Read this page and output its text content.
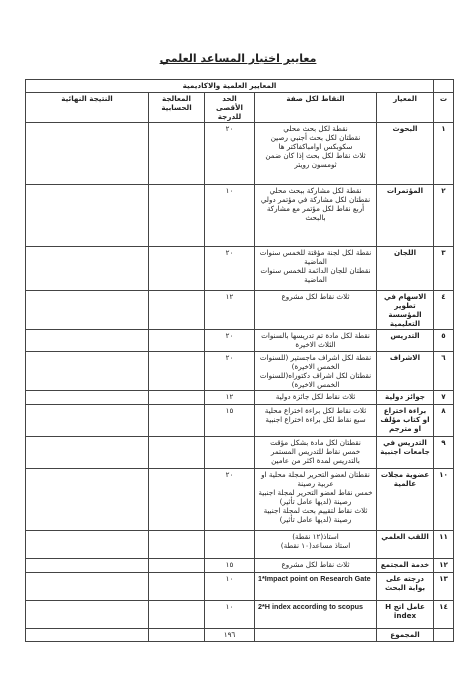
معايير اختيار المساعد العلمي
	المعايير العلمية والاكاديمية				
ت	المعيار	النقاط لكل صفة	الحد الأقصى للدرجة	المعالجة الحسابية	النتيجة النهائية
١	البحوث	نقطة لكل بحث محلي
نقطتان لكل بحث أجنبي رصين سكوبكس اوامباكفاكتر ها
ثلاث نقاط لكل بحث إذا كان ضمن ثومسون رويتر	٢٠		
٢	المؤتمرات	نقطة لكل مشاركة ببحث محلي
نقطتان لكل مشاركة في مؤتمر دولي
أربع نقاط لكل مؤتمر مع مشاركة بالبحث	١٠		
٣	اللجان	نقطة لكل لجنة مؤقتة للخمس سنوات الماضية
نقطتان للجان الدائمة للخمس سنوات الماضية	٢٠		
٤	الاسهام في تطوير المؤسسة التعليمية	ثلاث نقاط لكل مشروع	١٢		
٥	التدريس	نقطة لكل مادة تم تدريسها بالسنوات الثلاث الاخيرة	٢٠		
٦	الاشراف	نقطة لكل اشراف ماجستير (للسنوات الخمس الاخيرة)
نقطتان لكل اشراف دكتوراه(للسنوات الخمس الاخيرة)	٢٠		
٧	جوائز دولية	ثلاث نقاط لكل جائزة دولية	١٢		
٨	براءة اختراع او كتاب مؤلف او مترجم	ثلاث نقاط لكل براءة اختراع محلية
سبع نقاط لكل براءة اختراع اجنبية	١٥		
٩	التدريس في جامعات اجنبية	نقطتان لكل مادة بشكل مؤقت
خمس نقاط للتدريس المستمر بالتدريس لمدة اكثر من عامين			
١٠	عضوية مجلات عالمية	نقطتان لعضو التحرير لمجلة محلية او عربية رصينة
خمس نقاط لعضو التحرير لمجلة اجنبية رصينة (لديها عامل تأثير)
ثلاث نقاط لتقييم بحث لمجلة اجنبية رصينة (لديها عامل تأثير)	٢٠		
١١	اللقب العلمي	استاذ(١٢ نقطة)
استاذ مساعد(١٠ نقطة)			
١٢	خدمة المجتمع	ثلاث نقاط لكل مشروع	١٥		
١٣	درجته على بوابة البحث	1*Impact point on Research Gate	١٠		
١٤	عامل اتج H index	2*H index according to scopus	١٠		
	المجموع		١٩٦		
